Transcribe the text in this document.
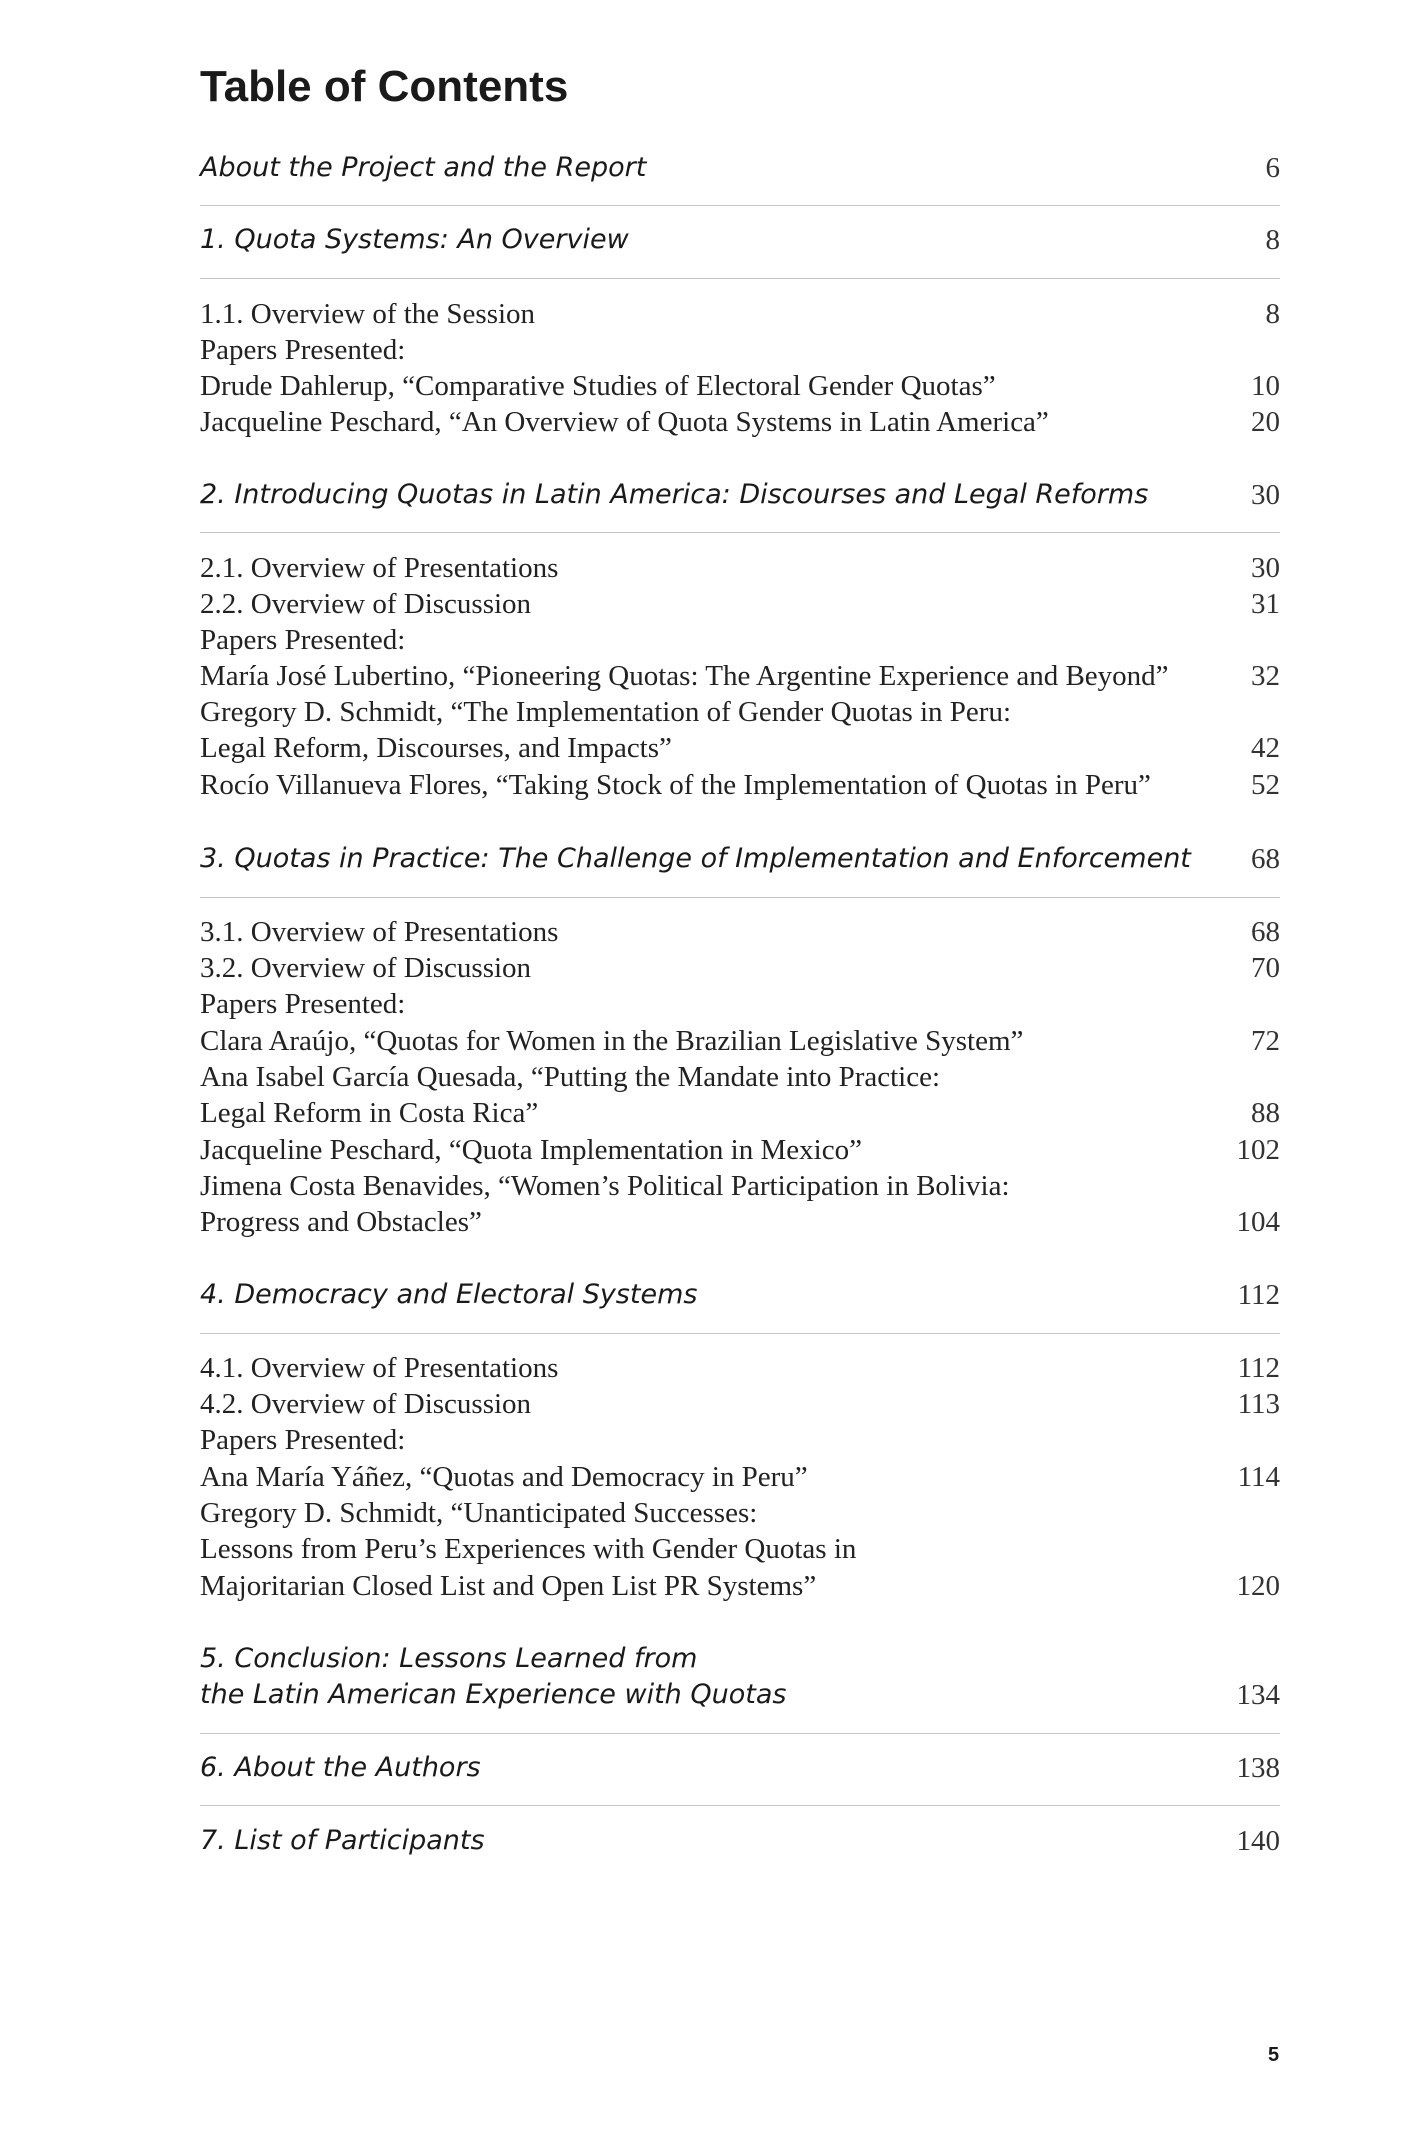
Table of Contents
About the Project and the Report	6
1. Quota Systems: An Overview	8
1.1. Overview of the Session	8
Papers Presented:
Drude Dahlerup, “Comparative Studies of Electoral Gender Quotas”	10
Jacqueline Peschard, “An Overview of Quota Systems in Latin America”	20
2. Introducing Quotas in Latin America: Discourses and Legal Reforms	30
2.1. Overview of Presentations	30
2.2. Overview of Discussion	31
Papers Presented:
María José Lubertino, “Pioneering Quotas: The Argentine Experience and Beyond”	32
Gregory D. Schmidt, “The Implementation of Gender Quotas in Peru:
Legal Reform, Discourses, and Impacts”	42
Rocío Villanueva Flores, “Taking Stock of the Implementation of Quotas in Peru”	52
3. Quotas in Practice: The Challenge of Implementation and Enforcement 68
3.1. Overview of Presentations	68
3.2. Overview of Discussion	70
Papers Presented:
Clara Araújo, “Quotas for Women in the Brazilian Legislative System”	72
Ana Isabel García Quesada, “Putting the Mandate into Practice:
Legal Reform in Costa Rica”	88
Jacqueline Peschard, “Quota Implementation in Mexico”	102
Jimena Costa Benavides, “Women’s Political Participation in Bolivia:
Progress and Obstacles”	104
4. Democracy and Electoral Systems	112
4.1. Overview of Presentations	112
4.2. Overview of Discussion	113
Papers Presented:
Ana María Yáñez, “Quotas and Democracy in Peru”	114
Gregory D. Schmidt, “Unanticipated Successes:
Lessons from Peru’s Experiences with Gender Quotas in
Majoritarian Closed List and Open List PR Systems”	120
5. Conclusion: Lessons Learned from
the Latin American Experience with Quotas	134
6. About the Authors	138
7. List of Participants	140
5
